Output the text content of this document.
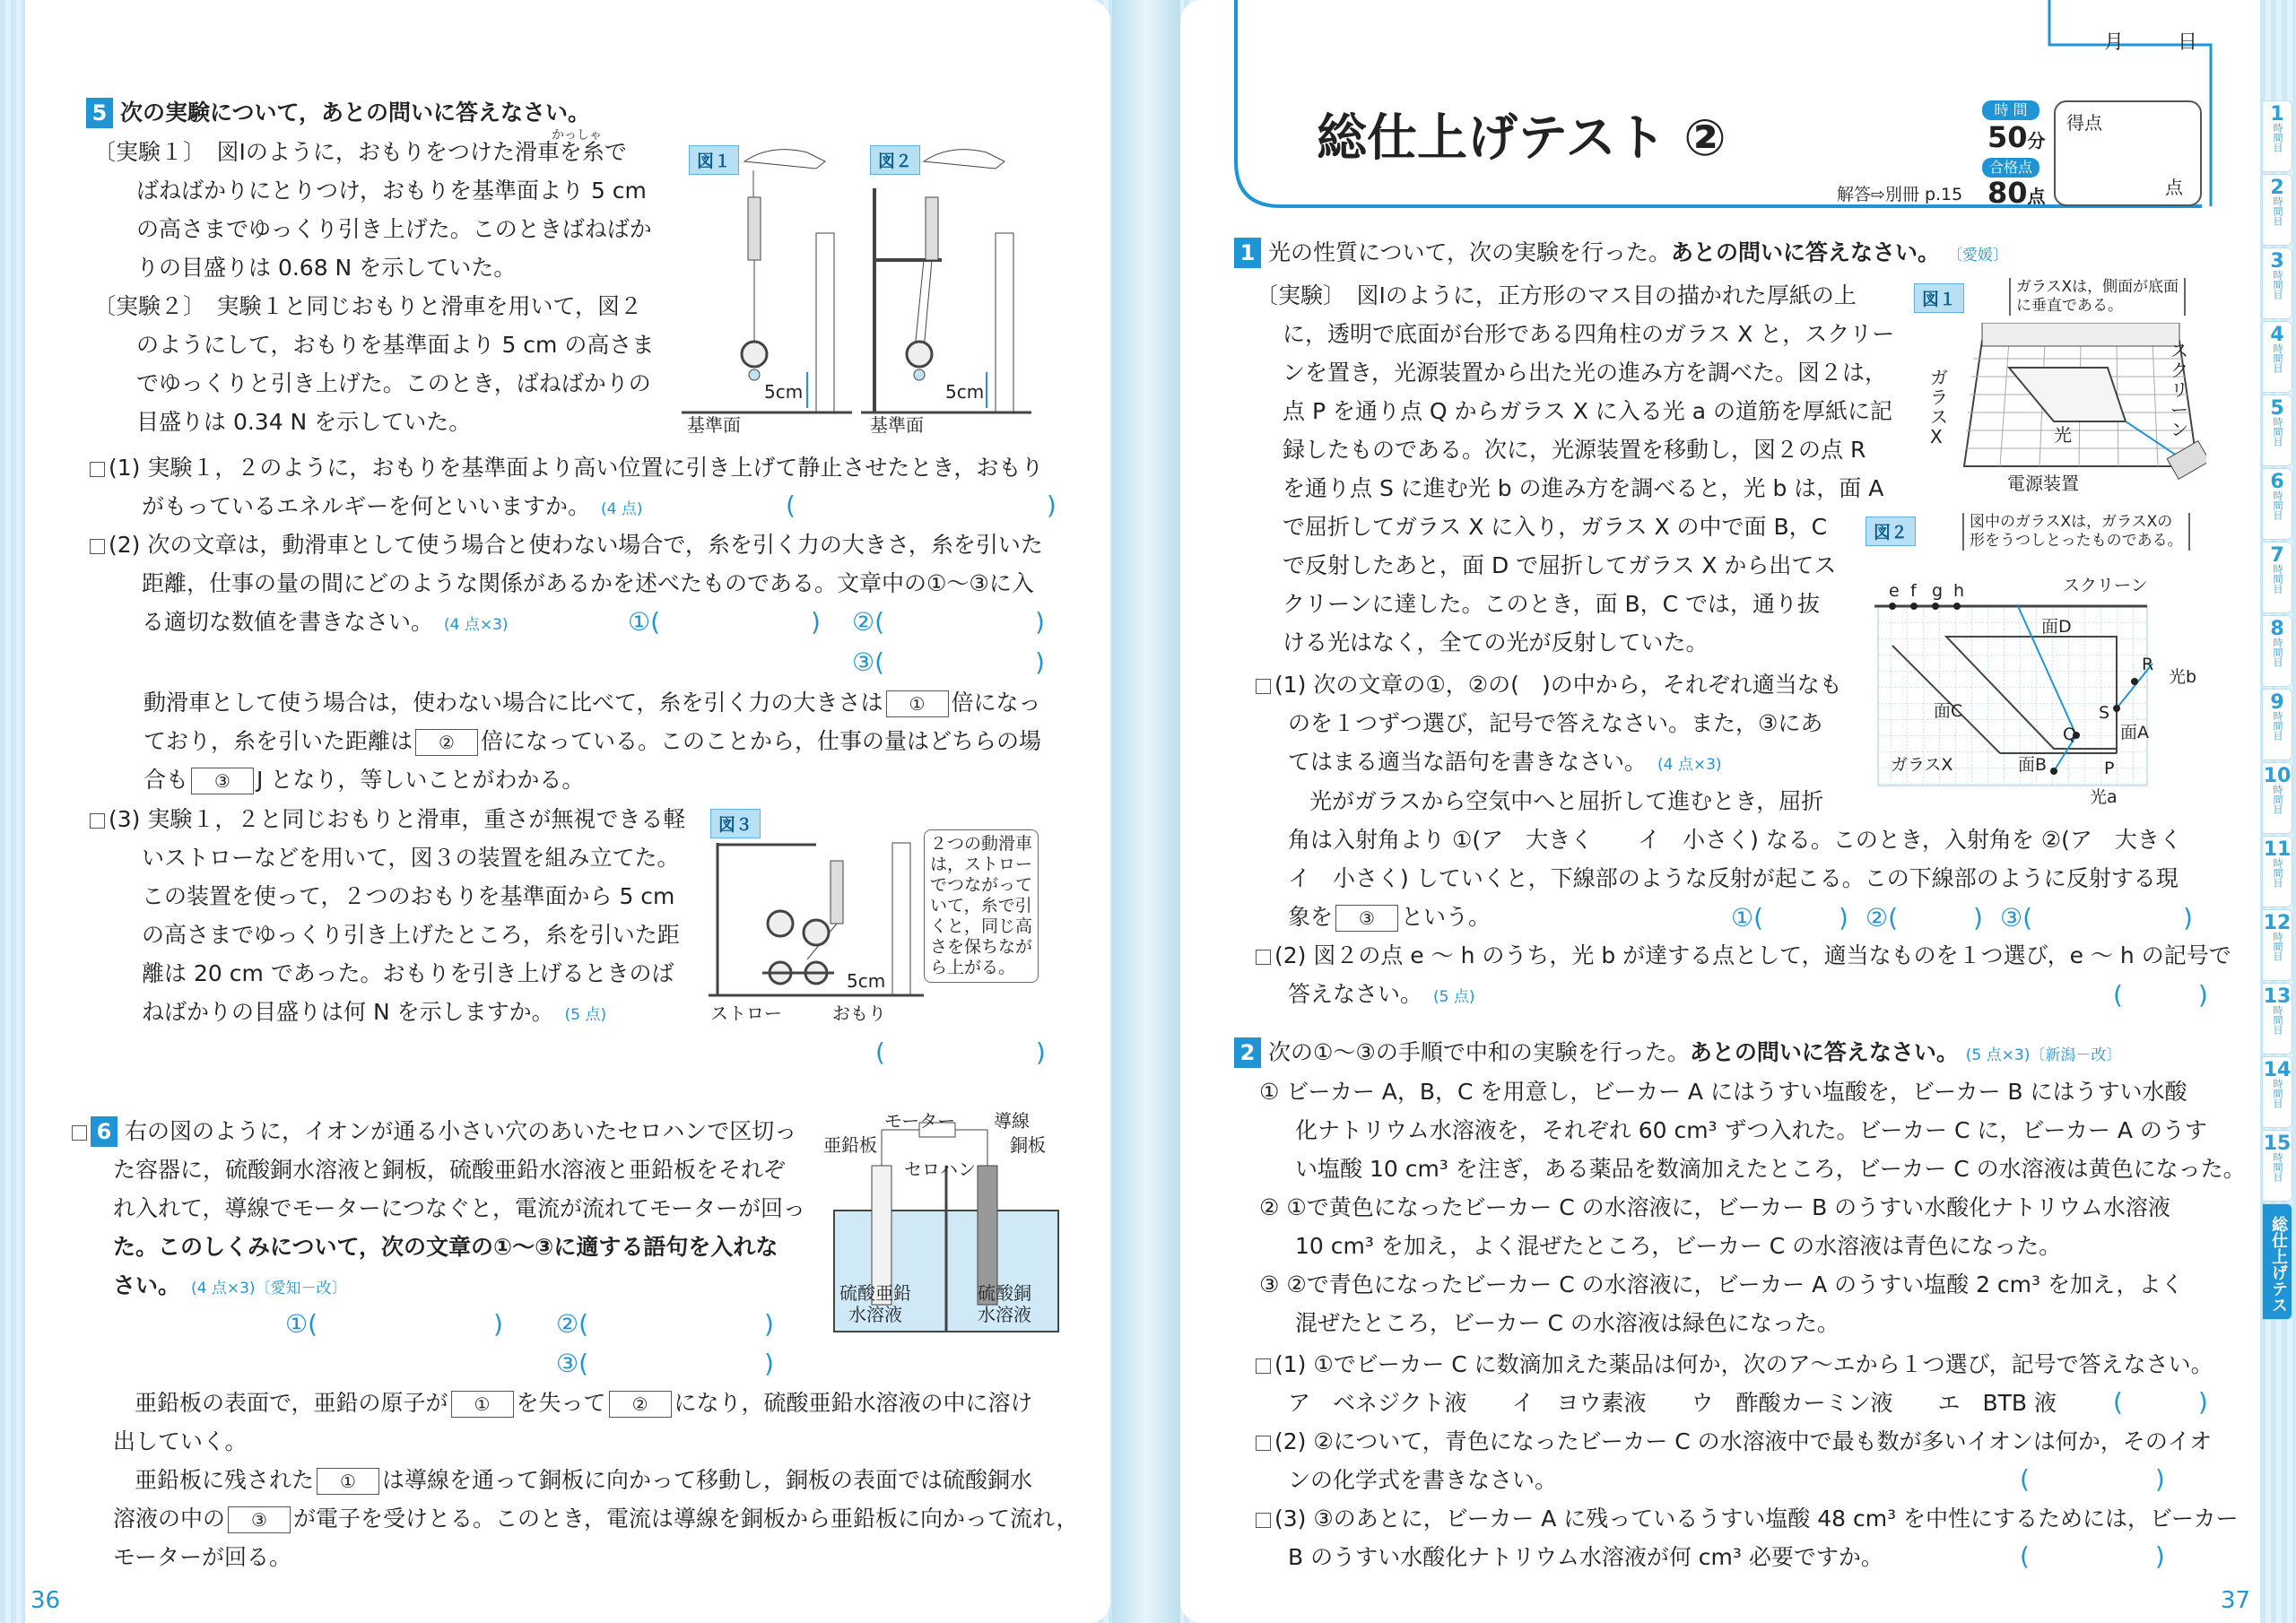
5 次の実験について，あとの問いに答えなさい。
かっしゃ
〔実験１〕　図Ⅰのように，おもりをつけた滑車を糸で
ばねばかりにとりつけ，おもりを基準面より 5 cm
の高さまでゆっくり引き上げた。このときばねばか
りの目盛りは 0.68 N を示していた。
〔実験２〕　実験１と同じおもりと滑車を用いて，図２
のようにして，おもりを基準面より 5 cm の高さま
でゆっくりと引き上げた。このとき，ばねばかりの
目盛りは 0.34 N を示していた。
図１	図２
5cm	5cm
基準面	基準面
(1) 実験１，２のように，おもりを基準面より高い位置に引き上げて静止させたとき，おもり
がもっているエネルギーを何といいますか。 (4 点)	(　　　　　　　　　　)
(2) 次の文章は，動滑車として使う場合と使わない場合で，糸を引く力の大きさ，糸を引いた
距離，仕事の量の間にどのような関係があるかを述べたものである。文章中の①〜③に入
る適切な数値を書きなさい。 (4 点×3)	①(　　　　　　) ②(　　　　　　)
③(　　　　　　)
動滑車として使う場合は，使わない場合に比べて，糸を引く力の大きさは ① 倍になっ
ており，糸を引いた距離は ② 倍になっている。このことから，仕事の量はどちらの場
合も ③ J となり，等しいことがわかる。
(3) 実験１，２と同じおもりと滑車，重さが無視できる軽
いストローなどを用いて，図３の装置を組み立てた。
この装置を使って，２つのおもりを基準面から 5 cm
の高さまでゆっくり引き上げたところ，糸を引いた距
離は 20 cm であった。おもりを引き上げるときのば
ねばかりの目盛りは何 N を示しますか。 (5 点)
図３
２つの動滑車
は，ストロー
でつながって
いて，糸で引
くと，同じ高
さを保ちなが
ら上がる。
5cm
ストロー	おもり
(　　　　　　)
6 右の図のように，イオンが通る小さい穴のあいたセロハンで区切っ
た容器に，硫酸銅水溶液と銅板，硫酸亜鉛水溶液と亜鉛板をそれぞ
れ入れて，導線でモーターにつなぐと，電流が流れてモーターが回っ
た。このしくみについて，次の文章の①〜③に適する語句を入れな
さい。 (4 点×3)〔愛知－改〕
モーター 導線
亜鉛板	銅板
セロハン
硫酸亜鉛
水溶液
硫酸銅
水溶液
①(　　　　　　　) ②(　　　　　　　)
③(　　　　　　　)
亜鉛板の表面で，亜鉛の原子が ① を失って ② になり，硫酸亜鉛水溶液の中に溶け
出していく。
亜鉛板に残された ① は導線を通って銅板に向かって移動し，銅板の表面では硫酸銅水
溶液の中の ③ が電子を受けとる。このとき，電流は導線を銅板から亜鉛板に向かって流れ，
モーターが回る。
36
月	日
総仕上げテスト ②	時 間
50分
合格点
80点
得点
点
解答⇨別冊 p.15
1 光の性質について，次の実験を行った。あとの問いに答えなさい。 〔愛媛〕
〔実験〕　図Ⅰのように，正方形のマス目の描かれた厚紙の上
に，透明で底面が台形である四角柱のガラス X と，スクリー
ンを置き，光源装置から出た光の進み方を調べた。図２は，
点 P を通り点 Q からガラス X に入る光 a の道筋を厚紙に記
録したものである。次に，光源装置を移動し，図２の点 R
を通り点 S に進む光 b の進み方を調べると，光 b は，面 A
で屈折してガラス X に入り，ガラス X の中で面 B，C
で反射したあと，面 D で屈折してガラス X から出てス
クリーンに達した。このとき，面 B，C では，通り抜
ける光はなく，全ての光が反射していた。
図１
ガラスXは，側面が底面
に垂直である。
スクリーン
ガラスX	光
電源装置
図２
図中のガラスXは，ガラスXの
形をうつしとったものである。
e f g h	スクリーン
面D
面C
面A
面B
R
S
Q
P
ガラスX
光b
光a
(1) 次の文章の①，②の(　)の中から，それぞれ適当なも
のを１つずつ選び，記号で答えなさい。また，③にあ
てはまる適当な語句を書きなさい。 (4 点×3)
光がガラスから空気中へと屈折して進むとき，屈折
角は入射角より ①(ア　大きく　　イ　小さく) なる。このとき，入射角を ②(ア　大きく
イ　小さく) していくと，下線部のような反射が起こる。この下線部のように反射する現
象を ③ という。	①(　　　) ②(　　　) ③(　　　　　　)
(2) 図２の点 e 〜 h のうち，光 b が達する点として，適当なものを１つ選び，e 〜 h の記号で
答えなさい。 (5 点)	(　　　)
2 次の①〜③の手順で中和の実験を行った。あとの問いに答えなさい。 (5 点×3)〔新潟－改〕
① ビーカー A，B，C を用意し，ビーカー A にはうすい塩酸を，ビーカー B にはうすい水酸
化ナトリウム水溶液を，それぞれ 60 cm³ ずつ入れた。ビーカー C に，ビーカー A のうす
い塩酸 10 cm³ を注ぎ，ある薬品を数滴加えたところ，ビーカー C の水溶液は黄色になった。
② ①で黄色になったビーカー C の水溶液に，ビーカー B のうすい水酸化ナトリウム水溶液
10 cm³ を加え，よく混ぜたところ，ビーカー C の水溶液は青色になった。
③ ②で青色になったビーカー C の水溶液に，ビーカー A のうすい塩酸 2 cm³ を加え，よく
混ぜたところ，ビーカー C の水溶液は緑色になった。
(1) ①でビーカー C に数滴加えた薬品は何か，次のア〜エから１つ選び，記号で答えなさい。
ア　ベネジクト液　　イ　ヨウ素液　　ウ　酢酸カーミン液　　エ　BTB 液 (　　　)
(2) ②について，青色になったビーカー C の水溶液中で最も数が多いイオンは何か，そのイオ
ンの化学式を書きなさい。	(　　　　　)
(3) ③のあとに，ビーカー A に残っているうすい塩酸 48 cm³ を中性にするためには，ビーカー
B のうすい水酸化ナトリウム水溶液が何 cm³ 必要ですか。	(　　　　　)
37
1
時間目
2
時間目
3
時間目
4
時間目
5
時間目
6
時間目
7
時間目
8
時間目
9
時間目
10
時間目
11
時間目
12
時間目
13
時間目
14
時間目
15
時間目
総仕上げテスト
